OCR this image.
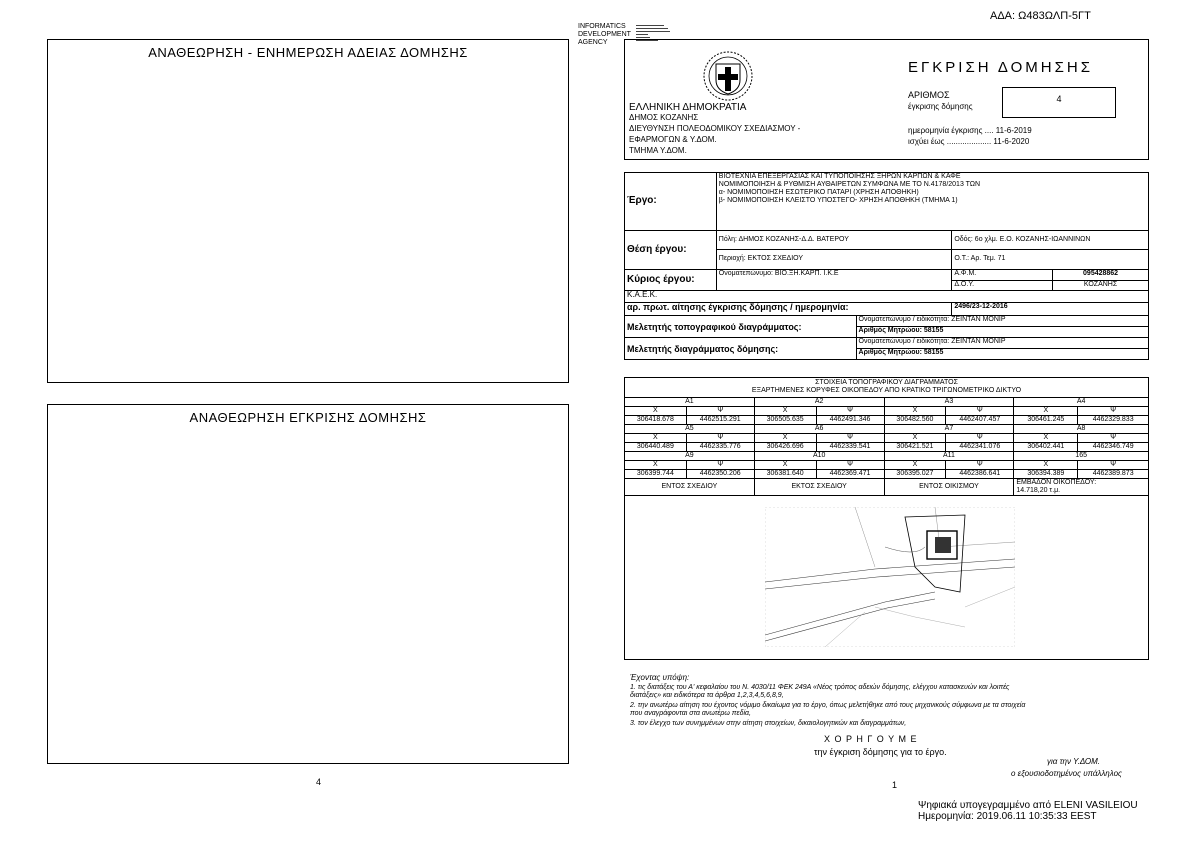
ΑΔΑ: Ω483ΩΛΠ-5ΓΤ
INFORMATICS
DEVELOPMENT
AGENCY
ΑΝΑΘΕΩΡΗΣΗ - ΕΝΗΜΕΡΩΣΗ ΑΔΕΙΑΣ ΔΟΜΗΣΗΣ
ΑΝΑΘΕΩΡΗΣΗ ΕΓΚΡΙΣΗΣ ΔΟΜΗΣΗΣ
4
ΕΛΛΗΝΙΚΗ ΔΗΜΟΚΡΑΤΙΑ
ΔΗΜΟΣ ΚΟΖΑΝΗΣ
ΔΙΕΥΘΥΝΣΗ ΠΟΛΕΟΔΟΜΙΚΟΥ ΣΧΕΔΙΑΣΜΟΥ -
ΕΦΑΡΜΟΓΩΝ & Υ.ΔΟΜ.
ΤΜΗΜΑ Υ.ΔΟΜ.
ΕΓΚΡΙΣΗ ΔΟΜΗΣΗΣ
ΑΡΙΘΜΟΣ
έγκρισης δόμησης
4
ημερομηνία έγκρισης .... 11-6-2019
ισχύει έως .................... 11-6-2020
Έργο:	ΒΙΟΤΕΧΝΙΑ ΕΠΕΞΕΡΓΑΣΙΑΣ ΚΑΙ ΤΥΠΟΠΟΙΗΣΗΣ ΞΗΡΩΝ ΚΑΡΠΩΝ & ΚΑΦΕ
ΝΟΜΙΜΟΠΟΙΗΣΗ & ΡΥΘΜΙΣΗ ΑΥΘΑΙΡΕΤΩΝ ΣΥΜΦΩΝΑ ΜΕ ΤΟ Ν.4178/2013 ΤΩΝ
α- ΝΟΜΙΜΟΠΟΙΗΣΗ ΕΣΩΤΕΡΙΚΟ ΠΑΤΑΡΙ (ΧΡΗΣΗ ΑΠΟΘΗΚΗ)
β- ΝΟΜΙΜΟΠΟΙΗΣΗ ΚΛΕΙΣΤΟ ΥΠΟΣΤΕΓΟ- ΧΡΗΣΗ ΑΠΟΘΗΚΗ (ΤΜΗΜΑ 1)			

Θέση έργου:	Πόλη: ΔΗΜΟΣ ΚΟΖΑΝΗΣ-Δ.Δ. ΒΑΤΕΡΟΥ		Οδός: 6ο χλμ. Ε.Ο. ΚΟΖΑΝΗΣ-ΙΩΑΝΝΙΝΩΝ	
	Περιοχή: ΕΚΤΟΣ ΣΧΕΔΙΟΥ		Ο.Τ.: Αρ. Τεμ. 71	
Κύριος έργου:	Ονοματεπώνυμο: ΒΙΟ.ΞΗ.ΚΑΡΠ. Ι.Κ.Ε		Α.Φ.Μ.	095428862
			Δ.Ο.Υ.	ΚΟΖΑΝΗΣ
Κ.Α.Ε.Κ.				
αρ. πρωτ. αίτησης έγκρισης δόμησης / ημερομηνία:			2496/23-12-2016	
Μελετητής τοπογραφικού διαγράμματος:		Ονοματεπώνυμο / ειδικότητα: ΖΕΙΝΤΑΝ ΜΟΝΙΡ		
		Αριθμός Μητρώου: 58155		
Μελετητής διαγράμματος δόμησης:		Ονοματεπώνυμο / ειδικότητα: ΖΕΙΝΤΑΝ ΜΟΝΙΡ		
		Αριθμός Μητρώου: 58155		
ΣΤΟΙΧΕΙΑ ΤΟΠΟΓΡΑΦΙΚΟΥ ΔΙΑΓΡΑΜΜΑΤΟΣ
ΕΞΑΡΤΗΜΕΝΕΣ ΚΟΡΥΦΕΣ ΟΙΚΟΠΕΔΟΥ ΑΠΟ ΚΡΑΤΙΚΟ ΤΡΙΓΩΝΟΜΕΤΡΙΚΟ ΔΙΚΤΥΟ
Α1		Α2		Α3		Α4	
Χ	Ψ	Χ	Ψ	Χ	Ψ	Χ	Ψ
306418.678	4462515.291	306505.635	4462491.346	306482.560	4462407.457	306461.245	4462329.833
Α5		Α6		Α7		Α8	
Χ	Ψ	Χ	Ψ	Χ	Ψ	Χ	Ψ
306440.489	4462335.776	306426.696	4462339.541	306421.521	4462341.076	306402.441	4462346.749
Α9		Α10		Α11		165	
Χ	Ψ	Χ	Ψ	Χ	Ψ	Χ	Ψ
306399.744	4462350.206	306381.640	4462369.471	306395.027	4462386.641	306394.389	4462389.873
ΕΝΤΟΣ ΣΧΕΔΙΟΥ		ΕΚΤΟΣ ΣΧΕΔΙΟΥ		ΕΝΤΟΣ ΟΙΚΙΣΜΟΥ		ΕΜΒΑΔΟΝ ΟΙΚΟΠΕΔΟΥ:
14.718,20 τ.μ.	
Έχοντας υπόψη:
1. τις διατάξεις του Α' κεφαλαίου του Ν. 4030/11 ΦΕΚ 249Α «Νέος τρόπος αδειών δόμησης, ελέγχου κατασκευών και λοιπές
διατάξεις» και ειδικότερα τα άρθρα 1,2,3,4,5,6,8,9,
2. την ανωτέρω αίτηση του έχοντος νόμιμο δικαίωμα για το έργο, όπως μελετήθηκε από τους μηχανικούς σύμφωνα με τα στοιχεία
που αναγράφονται στα ανωτέρω πεδία,
3. τον έλεγχο των συνημμένων στην αίτηση στοιχείων, δικαιολογητικών και διαγραμμάτων,
Χ Ο Ρ Η Γ Ο Υ Μ Ε
την έγκριση δόμησης για το έργο.
για την Υ.ΔΟΜ.
ο εξουσιοδοτημένος υπάλληλος
1
Ψηφιακά υπογεγραμμένο από ELENI VASILEIOU
Ημερομηνία: 2019.06.11 10:35:33 EEST
